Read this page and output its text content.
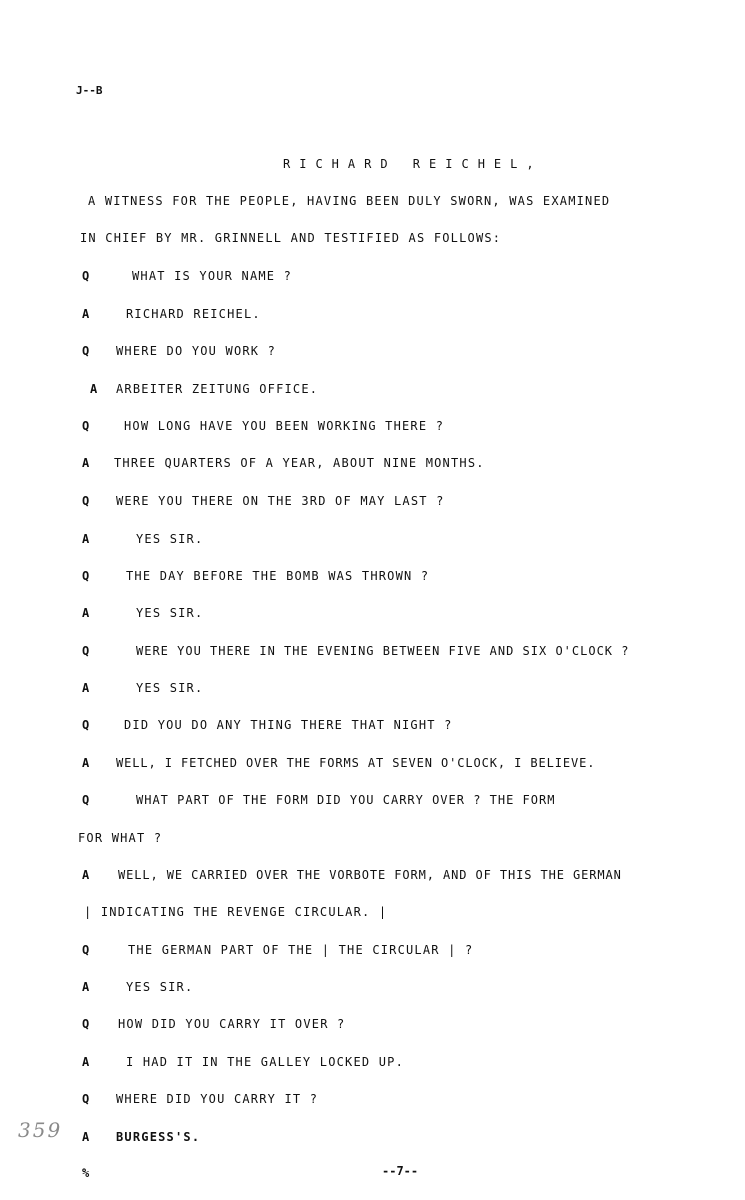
J--B
RICHARD REICHEL,
A WITNESS FOR THE PEOPLE, HAVING BEEN DULY SWORN, WAS EXAMINED
IN CHIEF BY MR. GRINNELL AND TESTIFIED AS FOLLOWS:
Q	WHAT IS YOUR NAME ?
A	RICHARD REICHEL.
Q WHERE DO YOU WORK ?
A ARBEITER ZEITUNG OFFICE.
Q	HOW LONG HAVE YOU BEEN WORKING THERE ?
A THREE QUARTERS OF A YEAR, ABOUT NINE MONTHS.
Q WERE YOU THERE ON THE 3RD OF MAY LAST ?
A	YES SIR.
Q	THE DAY BEFORE THE BOMB WAS THROWN ?
A	YES SIR.
Q	WERE YOU THERE IN THE EVENING BETWEEN FIVE AND SIX O'CLOCK ?
A	YES SIR.
Q	DID YOU DO ANY THING THERE THAT NIGHT ?
A WELL, I FETCHED OVER THE FORMS AT SEVEN O'CLOCK, I BELIEVE.
Q	WHAT PART OF THE FORM DID YOU CARRY OVER ? THE FORM
FOR WHAT ?
A WELL, WE CARRIED OVER THE VORBOTE FORM, AND OF THIS THE GERMAN
| INDICATING THE REVENGE CIRCULAR. |
Q	THE GERMAN PART OF THE | THE CIRCULAR | ?
A	YES SIR.
Q HOW DID YOU CARRY IT OVER ?
A	I HAD IT IN THE GALLEY LOCKED UP.
Q WHERE DID YOU CARRY IT ?
A BURGESS'S.
359
%	--7--
